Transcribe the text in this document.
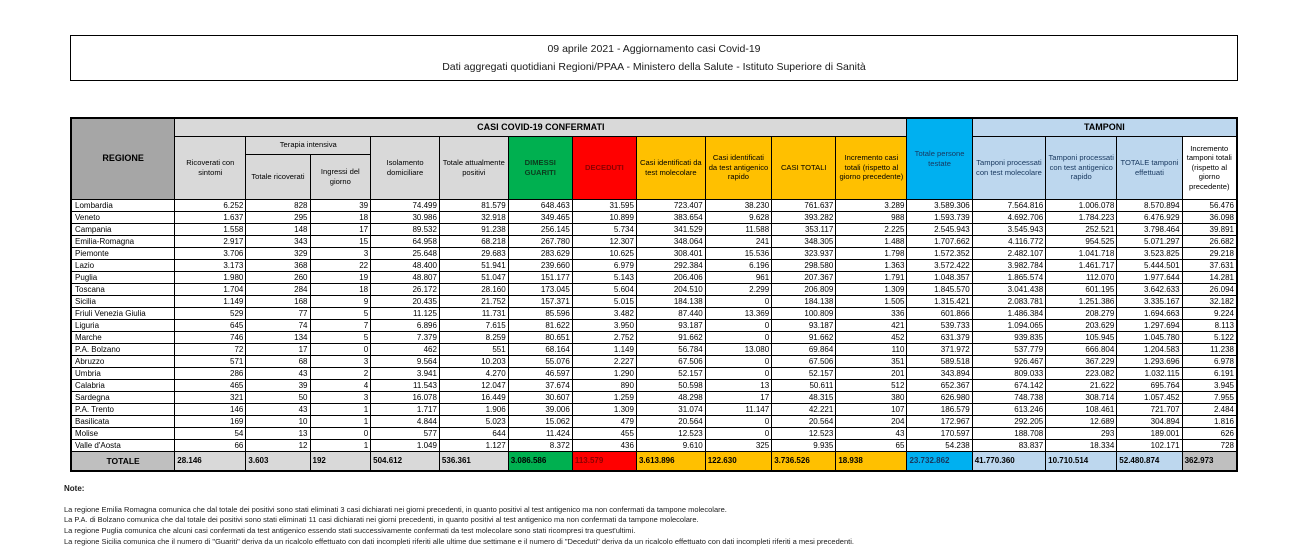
09 aprile 2021 - Aggiornamento casi Covid-19
Dati aggregati quotidiani Regioni/PPAA - Ministero della Salute - Istituto Superiore di Sanità
REGIONE	CASI COVID-19 CONFERMATI											Totale persone testate	TAMPONI			
	Ricoverati con sintomi	Terapia intensiva		Isolamento domiciliare	Totale attualmente positivi	DIMESSI GUARITI	DECEDUTI	Casi identificati da test molecolare	Casi identificati da test antigenico rapido	CASI TOTALI	Incremento casi totali (rispetto al giorno precedente)		Tamponi processati con test molecolare	Tamponi processati con test antigenico rapido	TOTALE tamponi effettuati	Incremento tamponi totali (rispetto al giorno precedente)
		Totale ricoverati	Ingressi del giorno													
Lombardia	6.252	828	39	74.499	81.579	648.463	31.595	723.407	38.230	761.637	3.289	3.589.306	7.564.816	1.006.078	8.570.894	56.476
Veneto	1.637	295	18	30.986	32.918	349.465	10.899	383.654	9.628	393.282	988	1.593.739	4.692.706	1.784.223	6.476.929	36.098
Campania	1.558	148	17	89.532	91.238	256.145	5.734	341.529	11.588	353.117	2.225	2.545.943	3.545.943	252.521	3.798.464	39.891
Emilia-Romagna	2.917	343	15	64.958	68.218	267.780	12.307	348.064	241	348.305	1.488	1.707.662	4.116.772	954.525	5.071.297	26.682
Piemonte	3.706	329	3	25.648	29.683	283.629	10.625	308.401	15.536	323.937	1.798	1.572.352	2.482.107	1.041.718	3.523.825	29.218
Lazio	3.173	368	22	48.400	51.941	239.660	6.979	292.384	6.196	298.580	1.363	3.572.422	3.982.784	1.461.717	5.444.501	37.631
Puglia	1.980	260	19	48.807	51.047	151.177	5.143	206.406	961	207.367	1.791	1.048.357	1.865.574	112.070	1.977.644	14.281
Toscana	1.704	284	18	26.172	28.160	173.045	5.604	204.510	2.299	206.809	1.309	1.845.570	3.041.438	601.195	3.642.633	26.094
Sicilia	1.149	168	9	20.435	21.752	157.371	5.015	184.138	0	184.138	1.505	1.315.421	2.083.781	1.251.386	3.335.167	32.182
Friuli Venezia Giulia	529	77	5	11.125	11.731	85.596	3.482	87.440	13.369	100.809	336	601.866	1.486.384	208.279	1.694.663	9.224
Liguria	645	74	7	6.896	7.615	81.622	3.950	93.187	0	93.187	421	539.733	1.094.065	203.629	1.297.694	8.113
Marche	746	134	5	7.379	8.259	80.651	2.752	91.662	0	91.662	452	631.379	939.835	105.945	1.045.780	5.122
P.A. Bolzano	72	17	0	462	551	68.164	1.149	56.784	13.080	69.864	110	371.972	537.779	666.804	1.204.583	11.238
Abruzzo	571	68	3	9.564	10.203	55.076	2.227	67.506	0	67.506	351	589.518	926.467	367.229	1.293.696	6.978
Umbria	286	43	2	3.941	4.270	46.597	1.290	52.157	0	52.157	201	343.894	809.033	223.082	1.032.115	6.191
Calabria	465	39	4	11.543	12.047	37.674	890	50.598	13	50.611	512	652.367	674.142	21.622	695.764	3.945
Sardegna	321	50	3	16.078	16.449	30.607	1.259	48.298	17	48.315	380	626.980	748.738	308.714	1.057.452	7.955
P.A. Trento	146	43	1	1.717	1.906	39.006	1.309	31.074	11.147	42.221	107	186.579	613.246	108.461	721.707	2.484
Basilicata	169	10	1	4.844	5.023	15.062	479	20.564	0	20.564	204	172.967	292.205	12.689	304.894	1.816
Molise	54	13	0	577	644	11.424	455	12.523	0	12.523	43	170.597	188.708	293	189.001	626
Valle d'Aosta	66	12	1	1.049	1.127	8.372	436	9.610	325	9.935	65	54.238	83.837	18.334	102.171	728
TOTALE	28.146	3.603	192	504.612	536.361	3.086.586	113.579	3.613.896	122.630	3.736.526	18.938	23.732.862	41.770.360	10.710.514	52.480.874	362.973
Note:
La regione Emilia Romagna comunica che dal totale dei positivi sono stati eliminati 3 casi dichiarati nei giorni precedenti, in quanto positivi al test antigenico ma non confermati da tampone molecolare.
La P.A. di Bolzano comunica che dal totale dei positivi sono stati eliminati 11 casi dichiarati nei giorni precedenti, in quanto positivi al test antigenico ma non confermati da tampone molecolare.
La regione Puglia comunica che alcuni casi confermati da test antigenico essendo stati successivamente confermati da test molecolare sono stati ricompresi tra quest'ultimi.
La regione Sicilia comunica che il numero di "Guariti" deriva da un ricalcolo effettuato con dati incompleti riferiti alle ultime due settimane e il numero di "Deceduti" deriva da un ricalcolo effettuato con dati incompleti riferiti a mesi precedenti.
